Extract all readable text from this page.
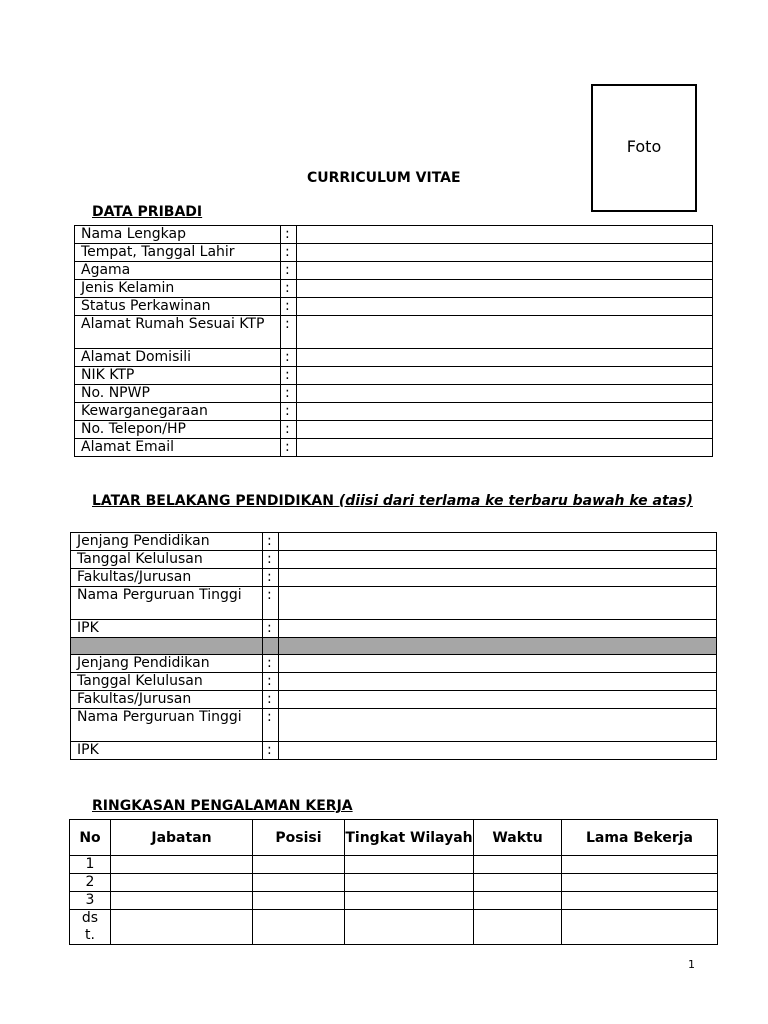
Foto
CURRICULUM VITAE
DATA PRIBADI
Nama Lengkap	:	
Tempat, Tanggal Lahir	:	
Agama	:	
Jenis Kelamin	:	
Status Perkawinan	:	
Alamat Rumah Sesuai KTP	:	
Alamat Domisili	:	
NIK KTP	:	
No. NPWP	:	
Kewarganegaraan	:	
No. Telepon/HP	:	
Alamat Email	:	
LATAR BELAKANG PENDIDIKAN (diisi dari terlama ke terbaru bawah ke atas)
Jenjang Pendidikan	:	
Tanggal Kelulusan	:	
Fakultas/Jurusan	:	
Nama Perguruan Tinggi	:	
IPK	:	

Jenjang Pendidikan	:	
Tanggal Kelulusan	:	
Fakultas/Jurusan	:	
Nama Perguruan Tinggi	:	
IPK	:	
RINGKASAN PENGALAMAN KERJA
No	Jabatan	Posisi	Tingkat Wilayah	Waktu	Lama Bekerja
1					
2					
3					
dst.					
1
